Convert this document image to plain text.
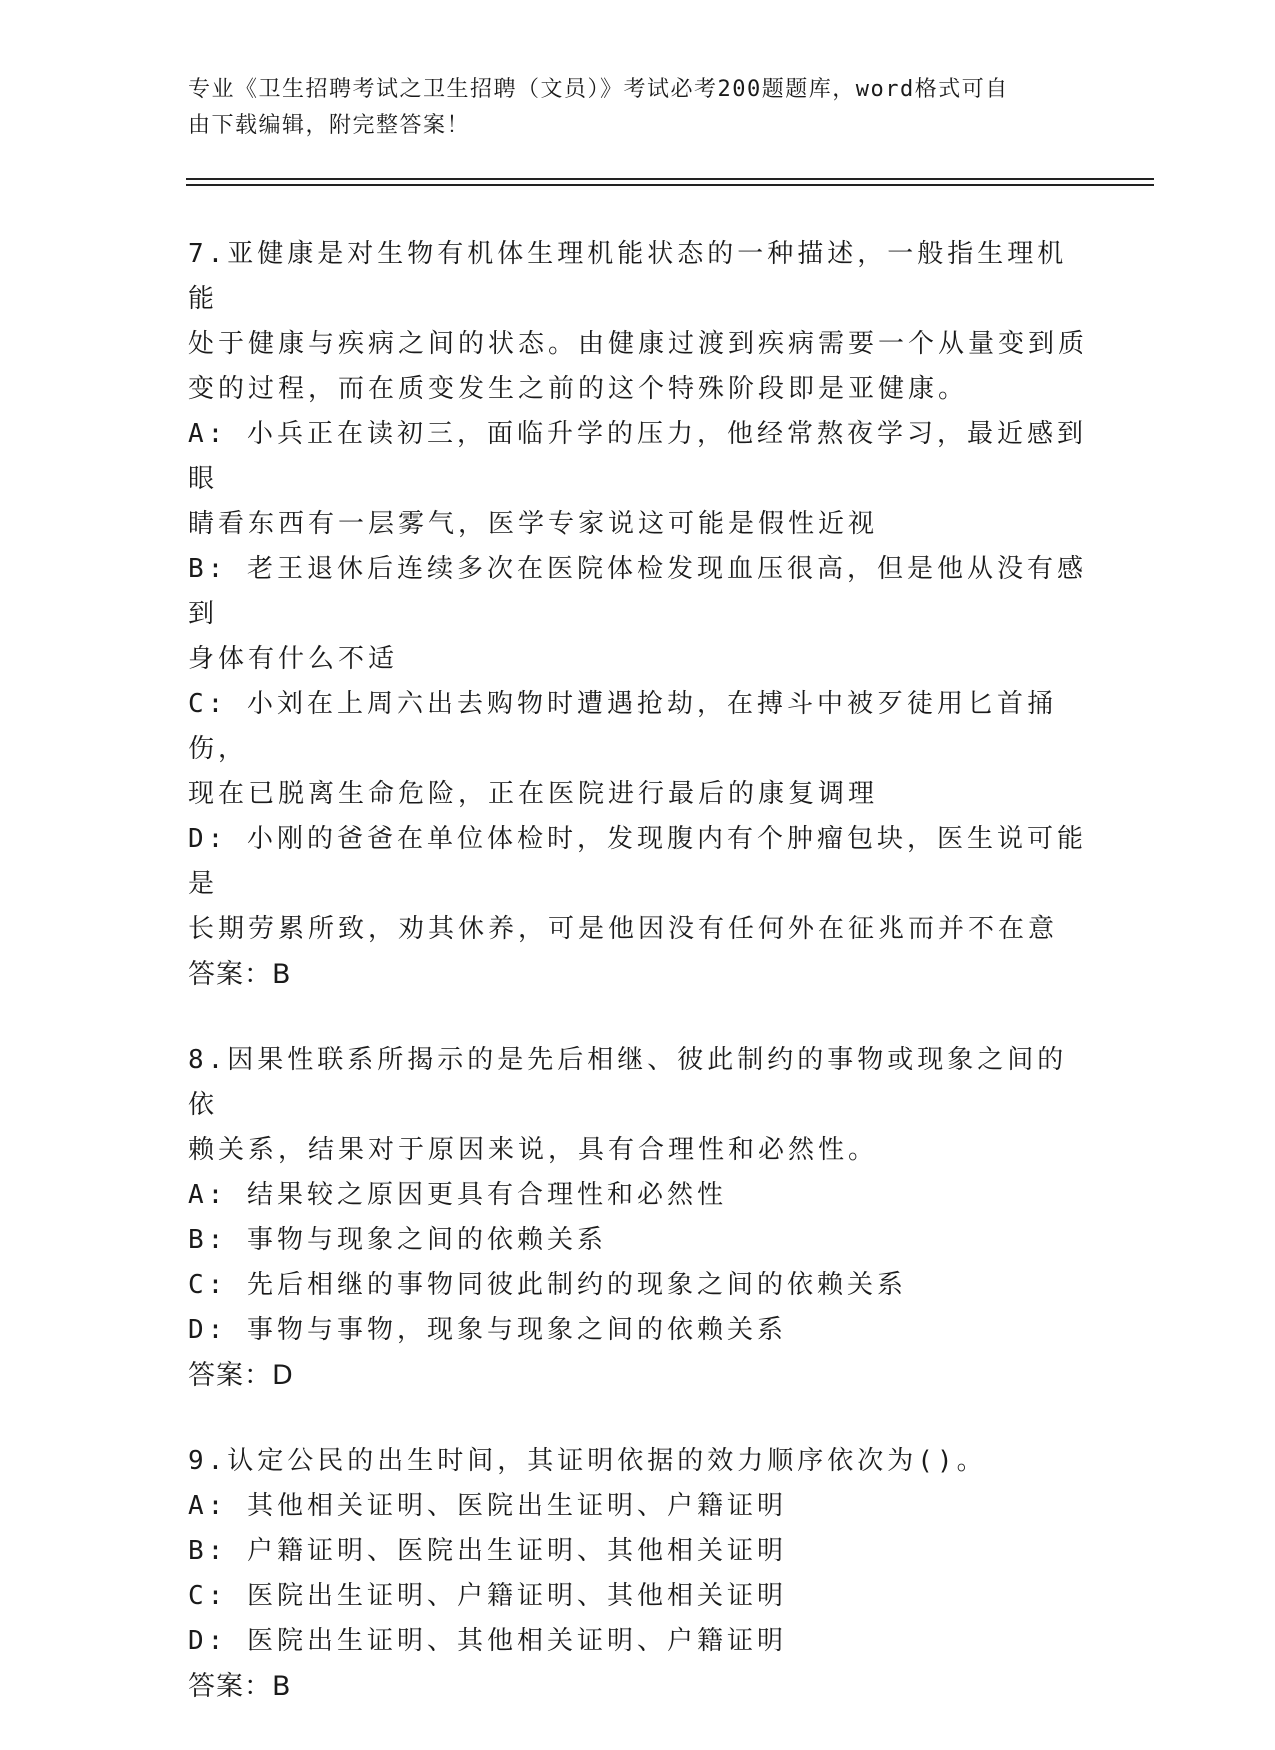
专业《卫生招聘考试之卫生招聘（文员）》考试必考200题题库，word格式可自
由下载编辑，附完整答案！
7.亚健康是对生物有机体生理机能状态的一种描述，一般指生理机能
处于健康与疾病之间的状态。由健康过渡到疾病需要一个从量变到质
变的过程，而在质变发生之前的这个特殊阶段即是亚健康。
A: 小兵正在读初三，面临升学的压力，他经常熬夜学习，最近感到眼
睛看东西有一层雾气，医学专家说这可能是假性近视
B: 老王退休后连续多次在医院体检发现血压很高，但是他从没有感到
身体有什么不适
C: 小刘在上周六出去购物时遭遇抢劫，在搏斗中被歹徒用匕首捅伤，
现在已脱离生命危险，正在医院进行最后的康复调理
D: 小刚的爸爸在单位体检时，发现腹内有个肿瘤包块，医生说可能是
长期劳累所致，劝其休养，可是他因没有任何外在征兆而并不在意
答案：B
8.因果性联系所揭示的是先后相继、彼此制约的事物或现象之间的依
赖关系，结果对于原因来说，具有合理性和必然性。
A: 结果较之原因更具有合理性和必然性
B: 事物与现象之间的依赖关系
C: 先后相继的事物同彼此制约的现象之间的依赖关系
D: 事物与事物，现象与现象之间的依赖关系
答案：D
9.认定公民的出生时间，其证明依据的效力顺序依次为()。
A: 其他相关证明、医院出生证明、户籍证明
B: 户籍证明、医院出生证明、其他相关证明
C: 医院出生证明、户籍证明、其他相关证明
D: 医院出生证明、其他相关证明、户籍证明
答案：B
